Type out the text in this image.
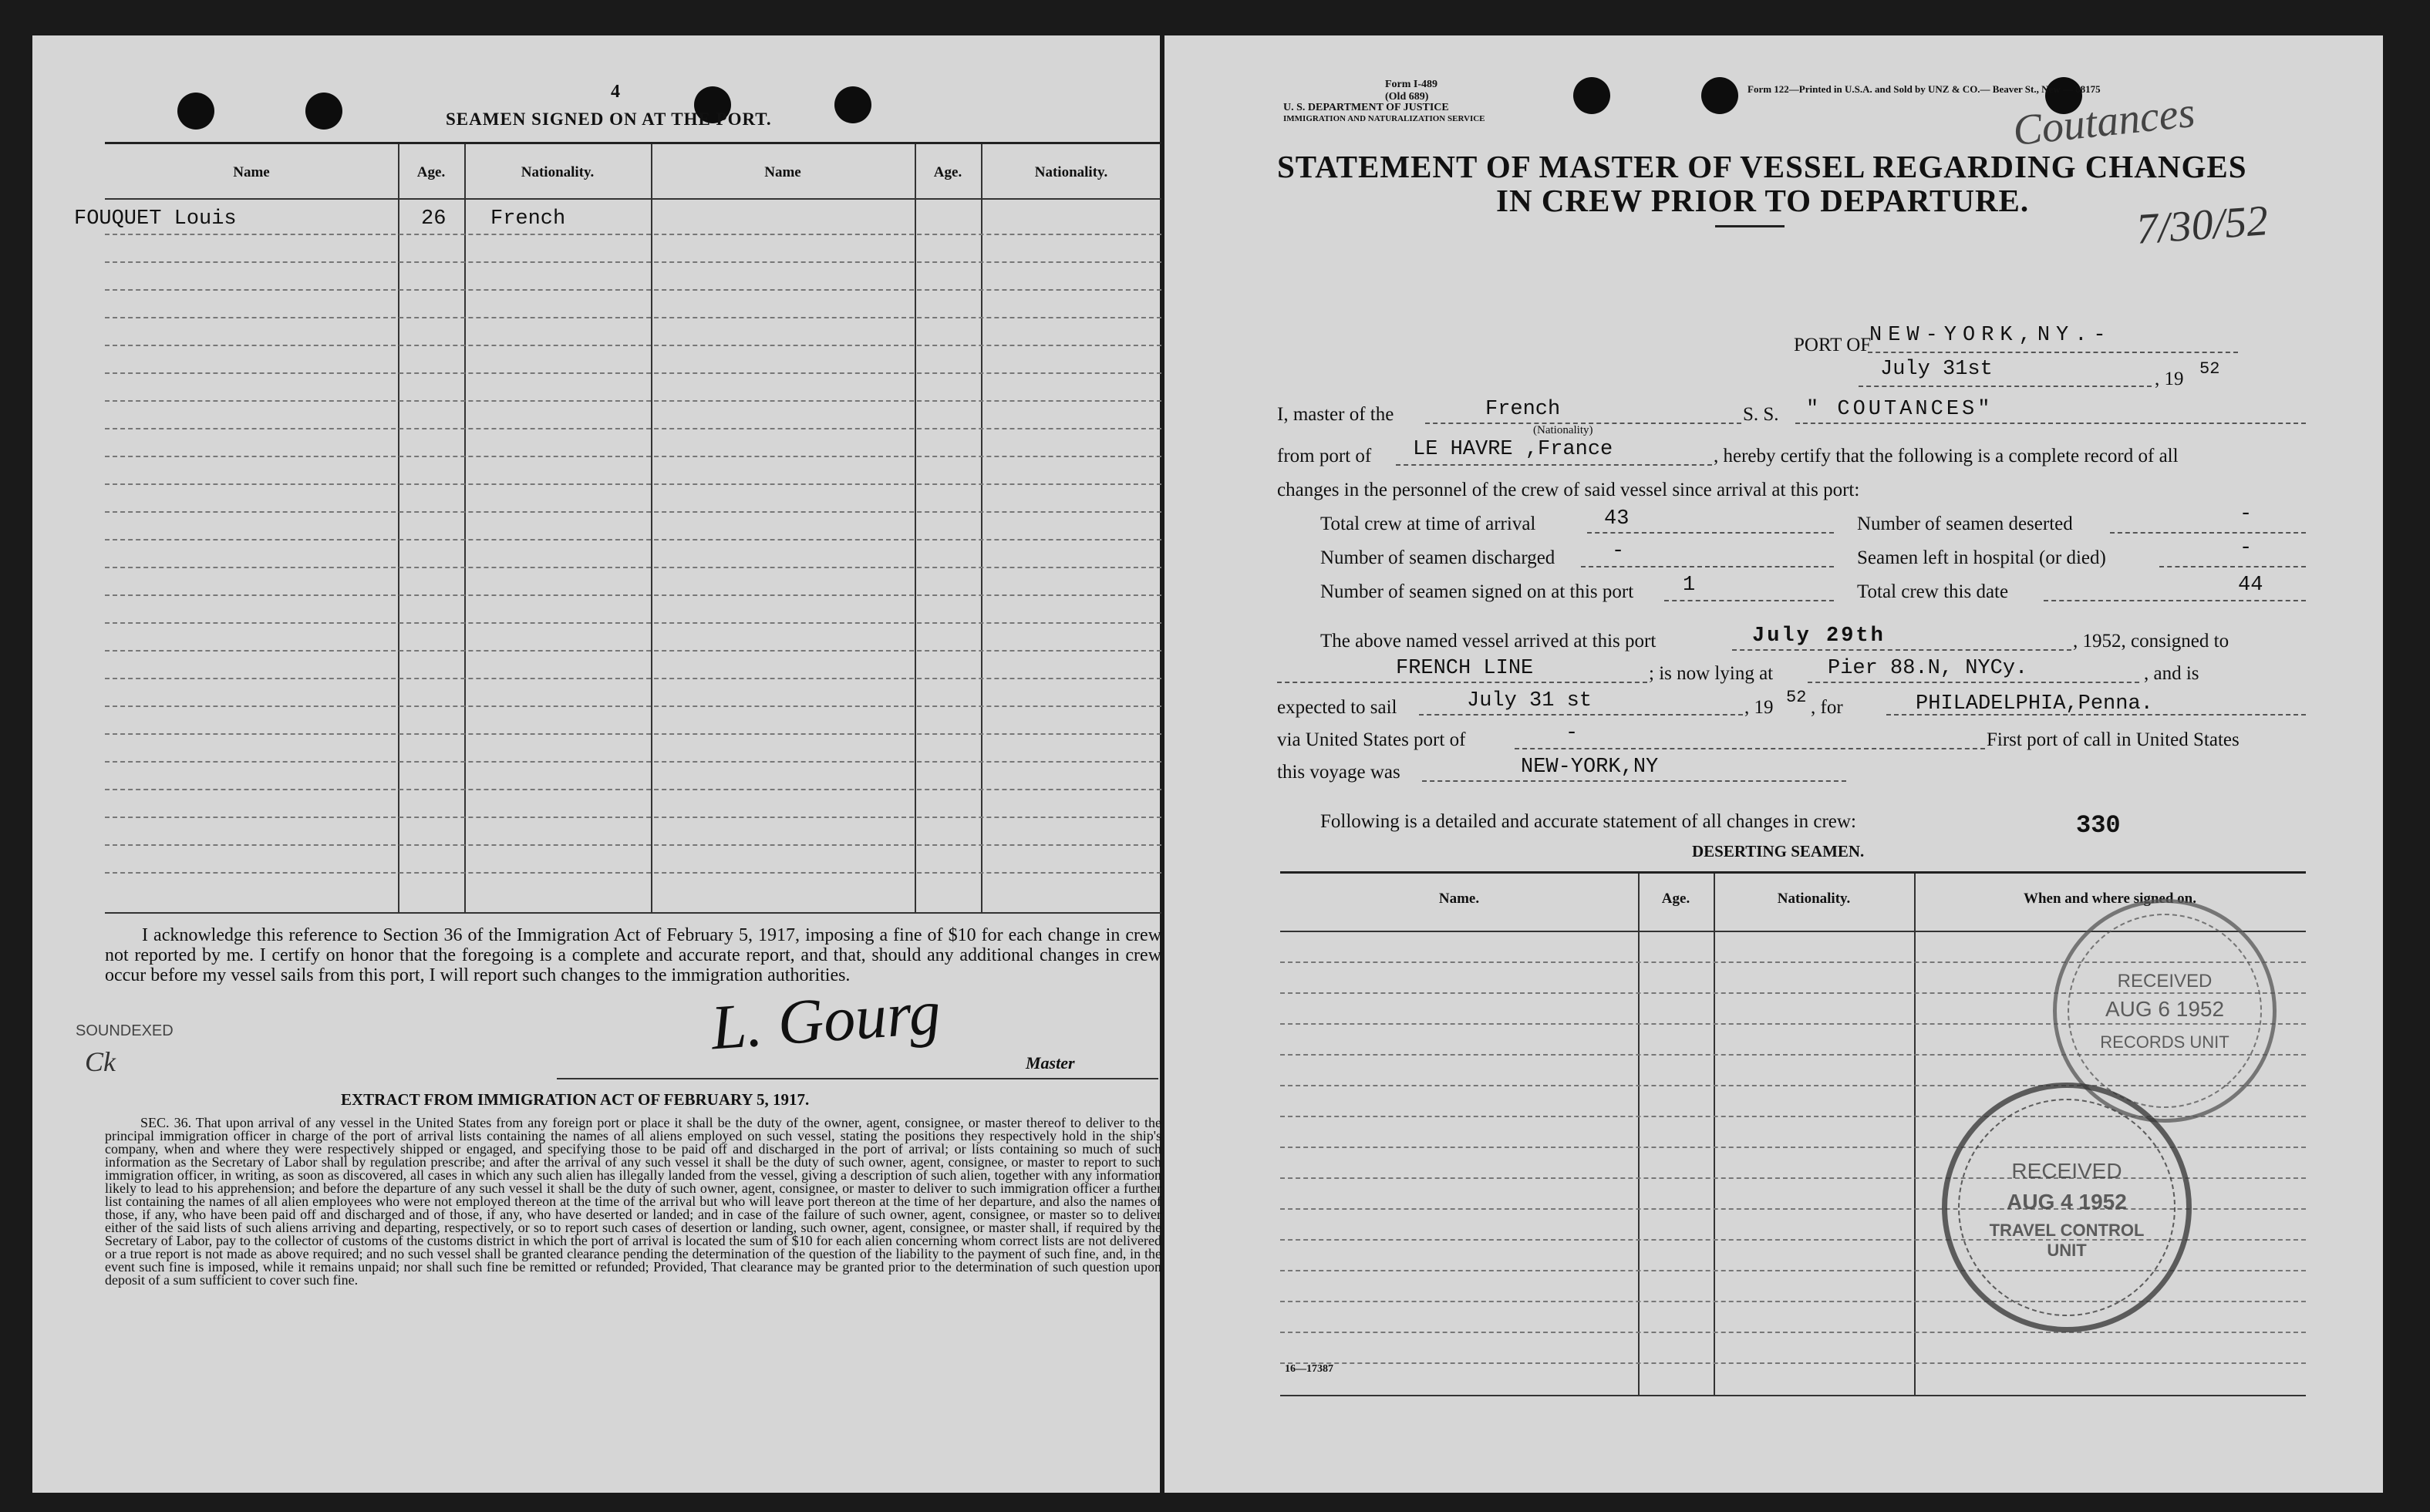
4
SEAMEN SIGNED ON AT THE PORT.
Name	Age.	Nationality.	Name	Age.	Nationality.
FOUQUET Louis	26 French
I acknowledge this reference to Section 36 of the Immigration Act of February 5, 1917, imposing a fine of $10 for each change in crew not reported by me. I certify on honor that the foregoing is a complete and accurate report, and that, should any additional changes in crew occur before my vessel sails from this port, I will report such changes to the immigration authorities.
SOUNDEXED
Ck	L. Gourg
Master
EXTRACT FROM IMMIGRATION ACT OF FEBRUARY 5, 1917.
SEC. 36. That upon arrival of any vessel in the United States from any foreign port or place it shall be the duty of the owner, agent, consignee, or master thereof to deliver to the principal immigration officer in charge of the port of arrival lists containing the names of all aliens employed on such vessel, stating the positions they respectively hold in the ship's company, when and where they were respectively shipped or engaged, and specifying those to be paid off and discharged in the port of arrival; or lists containing so much of such information as the Secretary of Labor shall by regulation prescribe; and after the arrival of any such vessel it shall be the duty of such owner, agent, consignee, or master to report to such immigration officer, in writing, as soon as discovered, all cases in which any such alien has illegally landed from the vessel, giving a description of such alien, together with any information likely to lead to his apprehension; and before the departure of any such vessel it shall be the duty of such owner, agent, consignee, or master to deliver to such immigration officer a further list containing the names of all alien employees who were not employed thereon at the time of the arrival but who will leave port thereon at the time of her departure, and also the names of those, if any, who have been paid off and discharged and of those, if any, who have deserted or landed; and in case of the failure of such owner, agent, consignee, or master so to deliver either of the said lists of such aliens arriving and departing, respectively, or so to report such cases of desertion or landing, such owner, agent, consignee, or master shall, if required by the Secretary of Labor, pay to the collector of customs of the customs district in which the port of arrival is located the sum of $10 for each alien concerning whom correct lists are not delivered or a true report is not made as above required; and no such vessel shall be granted clearance pending the determination of the question of the liability to the payment of such fine, and, in the event such fine is imposed, while it remains unpaid; nor shall such fine be remitted or refunded; Provided, That clearance may be granted prior to the determination of such question upon deposit of a sum sufficient to cover such fine.
Form I-489
(Old 689)
U. S. DEPARTMENT OF JUSTICE
IMMIGRATION AND NATURALIZATION SERVICE
Form 122—Printed in U.S.A. and Sold by UNZ & CO.— Beaver St., New — 88175
Coutances
7/30/52
STATEMENT OF MASTER OF VESSEL REGARDING CHANGES
IN CREW PRIOR TO DEPARTURE.
PORT OF
NEW-YORK,NY.-
July 31st	, 19 52
I, master of the	French
(Nationality)
S. S. " COUTANCES"
from port of LE HAVRE ,France	, hereby certify that the following is a complete record of all
changes in the personnel of the crew of said vessel since arrival at this port:
Total crew at time of arrival	43	Number of seamen deserted	-
Number of seamen discharged	-	Seamen left in hospital (or died)	-
Number of seamen signed on at this port 1	Total crew this date	44
The above named vessel arrived at this port	July 29th	, 1952, consigned to
FRENCH LINE	; is now lying at	Pier 88.N, NYCy.	, and is
expected to sail	July 31 st	, 19 52 , for	PHILADELPHIA,Penna.
via United States port of	-	First port of call in United States
this voyage was	NEW-YORK,NY
Following is a detailed and accurate statement of all changes in crew:	330
DESERTING SEAMEN.
Name.	Age.	Nationality.	When and where signed on.
16—17387
RECEIVED
AUG 6 1952
RECORDS UNIT
RECEIVED
AUG 4 1952
TRAVEL CONTROL UNIT
